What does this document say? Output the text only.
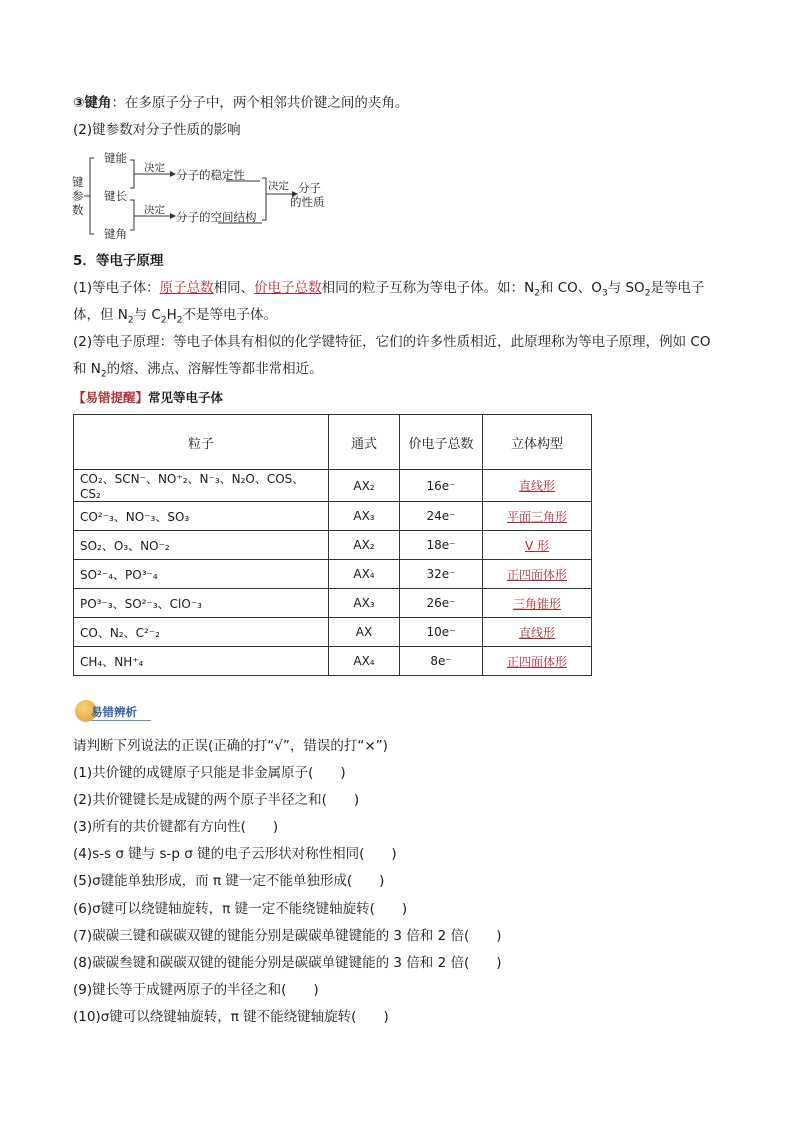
③键角：在多原子分子中，两个相邻共价键之间的夹角。
(2)键参数对分子性质的影响
键
参
数
键能
键长
键角
决定
决定
分子的稳定性
分子的空间结构
决定 分子
的性质
5．等电子原理
(1)等电子体：原子总数相同、价电子总数相同的粒子互称为等电子体。如：$N_2$和 CO、$O_3$与 $SO_2$是等电子
体，但 $N_2$与 $C_2H_2$不是等电子体。
(2)等电子原理：等电子体具有相似的化学键特征，它们的许多性质相近，此原理称为等电子原理，例如 CO
和 $N_2$的熔、沸点、溶解性等都非常相近。
【易错提醒】常见等电子体
粒子	通式	价电子总数	立体构型
CO₂、SCN⁻、NO⁺₂、N⁻₃、N₂O、COS、CS₂	AX₂	16e⁻	直线形
CO²⁻₃、NO⁻₃、SO₃	AX₃	24e⁻	平面三角形
SO₂、O₃、NO⁻₂	AX₂	18e⁻	V 形
SO²⁻₄、PO³⁻₄	AX₄	32e⁻	正四面体形
PO³⁻₃、SO²⁻₃、ClO⁻₃	AX₃	26e⁻	三角锥形
CO、N₂、C²⁻₂	AX	10e⁻	直线形
CH₄、NH⁺₄	AX₄	8e⁻	正四面体形
易错辨析
请判断下列说法的正误(正确的打“√”，错误的打“×”)
(1)共价键的成键原子只能是非金属原子(　　)
(2)共价键键长是成键的两个原子半径之和(　　)
(3)所有的共价键都有方向性(　　)
(4)s-s σ 键与 s-p σ 键的电子云形状对称性相同(　　)
(5)σ键能单独形成，而 π 键一定不能单独形成(　　)
(6)σ键可以绕键轴旋转，π 键一定不能绕键轴旋转(　　)
(7)碳碳三键和碳碳双键的键能分别是碳碳单键键能的 3 倍和 2 倍(　　)
(8)碳碳叁键和碳碳双键的键能分别是碳碳单键键能的 3 倍和 2 倍(　　)
(9)键长等于成键两原子的半径之和(　　)
(10)σ键可以绕键轴旋转，π 键不能绕键轴旋转(　　)
